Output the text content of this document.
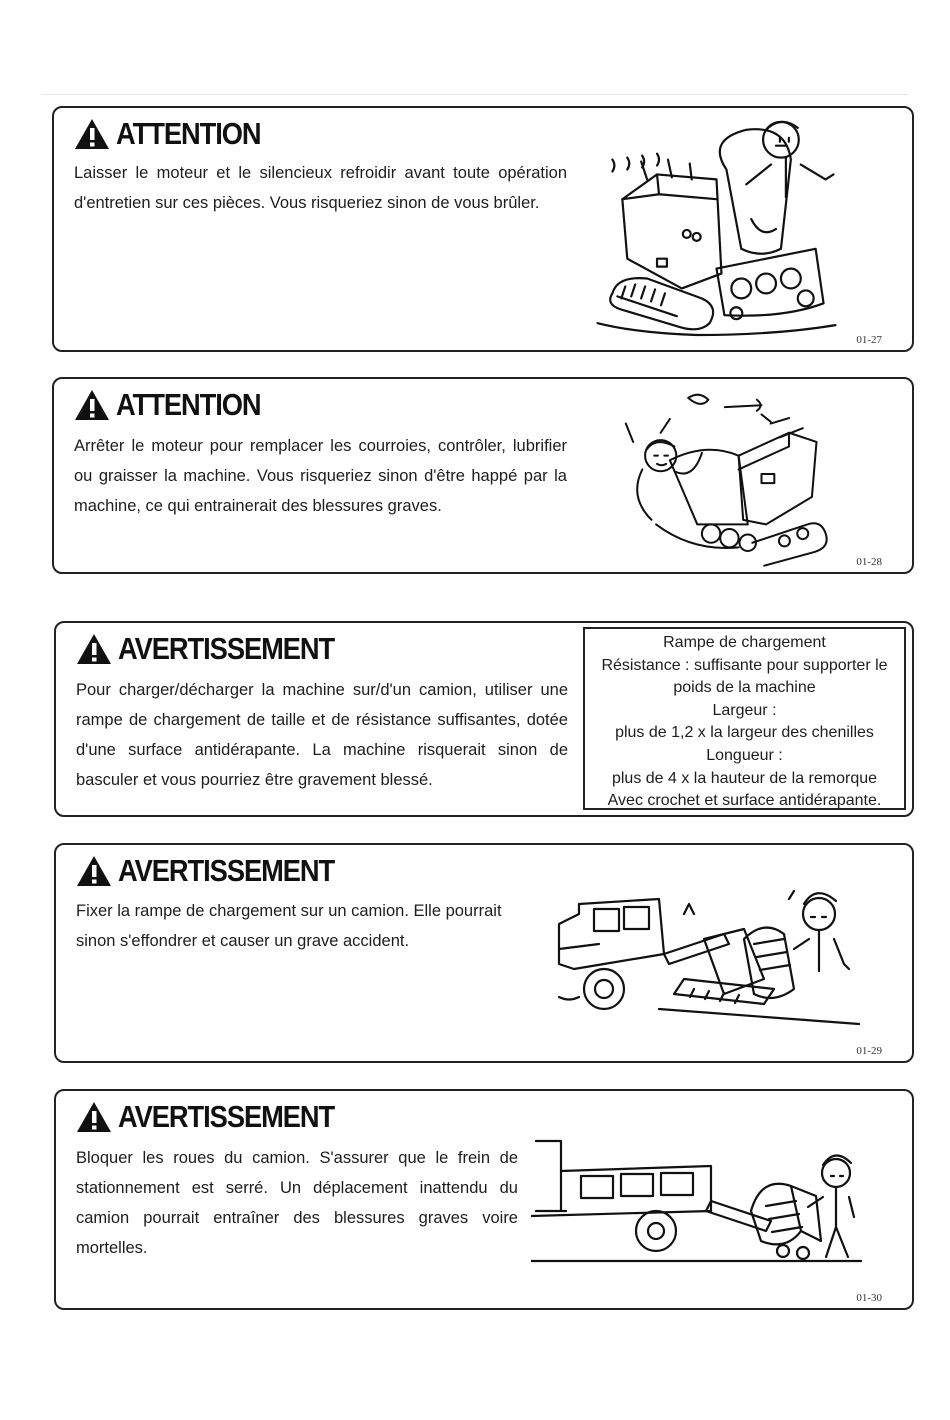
ATTENTION

Laisser le moteur et le silencieux refroidir avant toute opération d'entretien sur ces pièces. Vous risqueriez sinon de vous brûler.

01-27
ATTENTION

Arrêter le moteur pour remplacer les courroies, contrôler, lubrifier ou graisser la machine. Vous risqueriez sinon d'être happé par la machine, ce qui entrainerait des blessures graves.

01-28
AVERTISSEMENT

Pour charger/décharger la machine sur/d'un camion, utiliser une rampe de chargement de taille et de résistance suffisantes, dotée d'une surface antidérapante. La machine risquerait sinon de basculer et vous pourriez être gravement blessé.

Rampe de chargement
Résistance : suffisante pour supporter le
poids de la machine
Largeur :
plus de 1,2 x la largeur des chenilles
Longueur :
plus de 4 x la hauteur de la remorque
Avec crochet et surface antidérapante.
AVERTISSEMENT

Fixer la rampe de chargement sur un camion. Elle pourrait sinon s'effondrer et causer un grave accident.

01-29
AVERTISSEMENT

Bloquer les roues du camion. S'assurer que le frein de stationnement est serré. Un déplacement inattendu du camion pourrait entraîner des blessures graves voire mortelles.

01-30
